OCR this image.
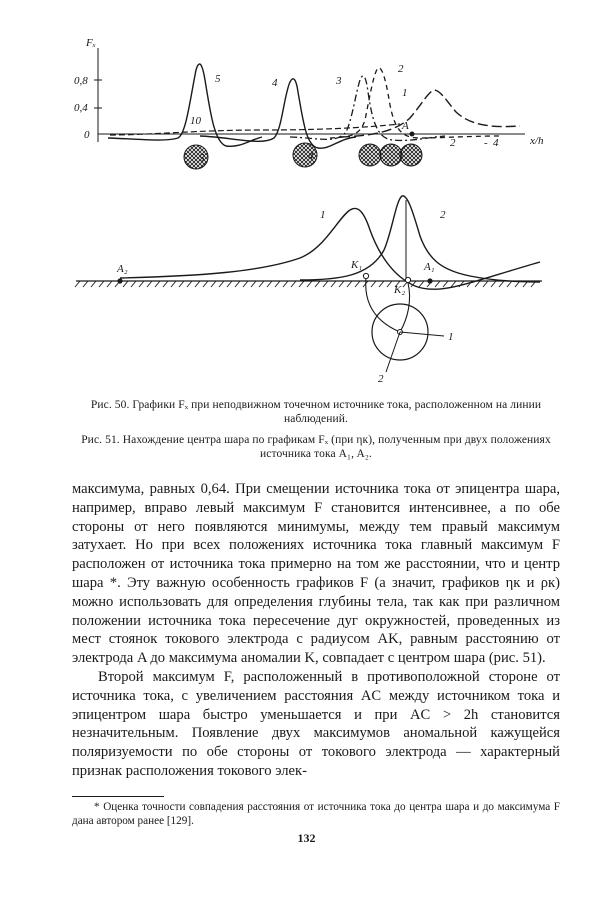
Fₓ
0,8
0,4
0	x/h
2	4
-
5	4	3
2
1
10	A
5	4
A₂	K₁
K₂
A₁
1	2
1
2
Рис. 50. Графики Fₓ при неподвижном точечном источнике тока, расположенном на линии наблюдений.
Рис. 51. Нахождение центра шара по графикам Fₓ (при ηк), полученным при двух положениях источника тока A₁, A₂.

максимума, равных 0,64. При смещении источника тока от эпицентра шара, например, вправо левый максимум F становится интенсивнее, а по обе стороны от него появляются минимумы, между тем правый максимум затухает. Но при всех положениях источника тока главный максимум F расположен от источника тока примерно на том же расстоянии, что и центр шара *. Эту важную особенность графиков F (а значит, графиков ηк и ρк) можно использовать для определения глубины тела, так как при различном положении источника тока пересечение дуг окружностей, проведенных из мест стоянок токового электрода с радиусом AK, равным расстоянию от электрода A до максимума аномалии K, совпадает с центром шара (рис. 51).

Второй максимум F, расположенный в противоположной стороне от источника тока, с увеличением расстояния AC между источником тока и эпицентром шара быстро уменьшается и при AC > 2h становится незначительным. Появление двух максимумов аномальной кажущейся поляризуемости по обе стороны от токового электрода — характерный признак расположения токового элек-

* Оценка точности совпадения расстояния от источника тока до центра шара и до максимума F дана автором ранее [129].
132
